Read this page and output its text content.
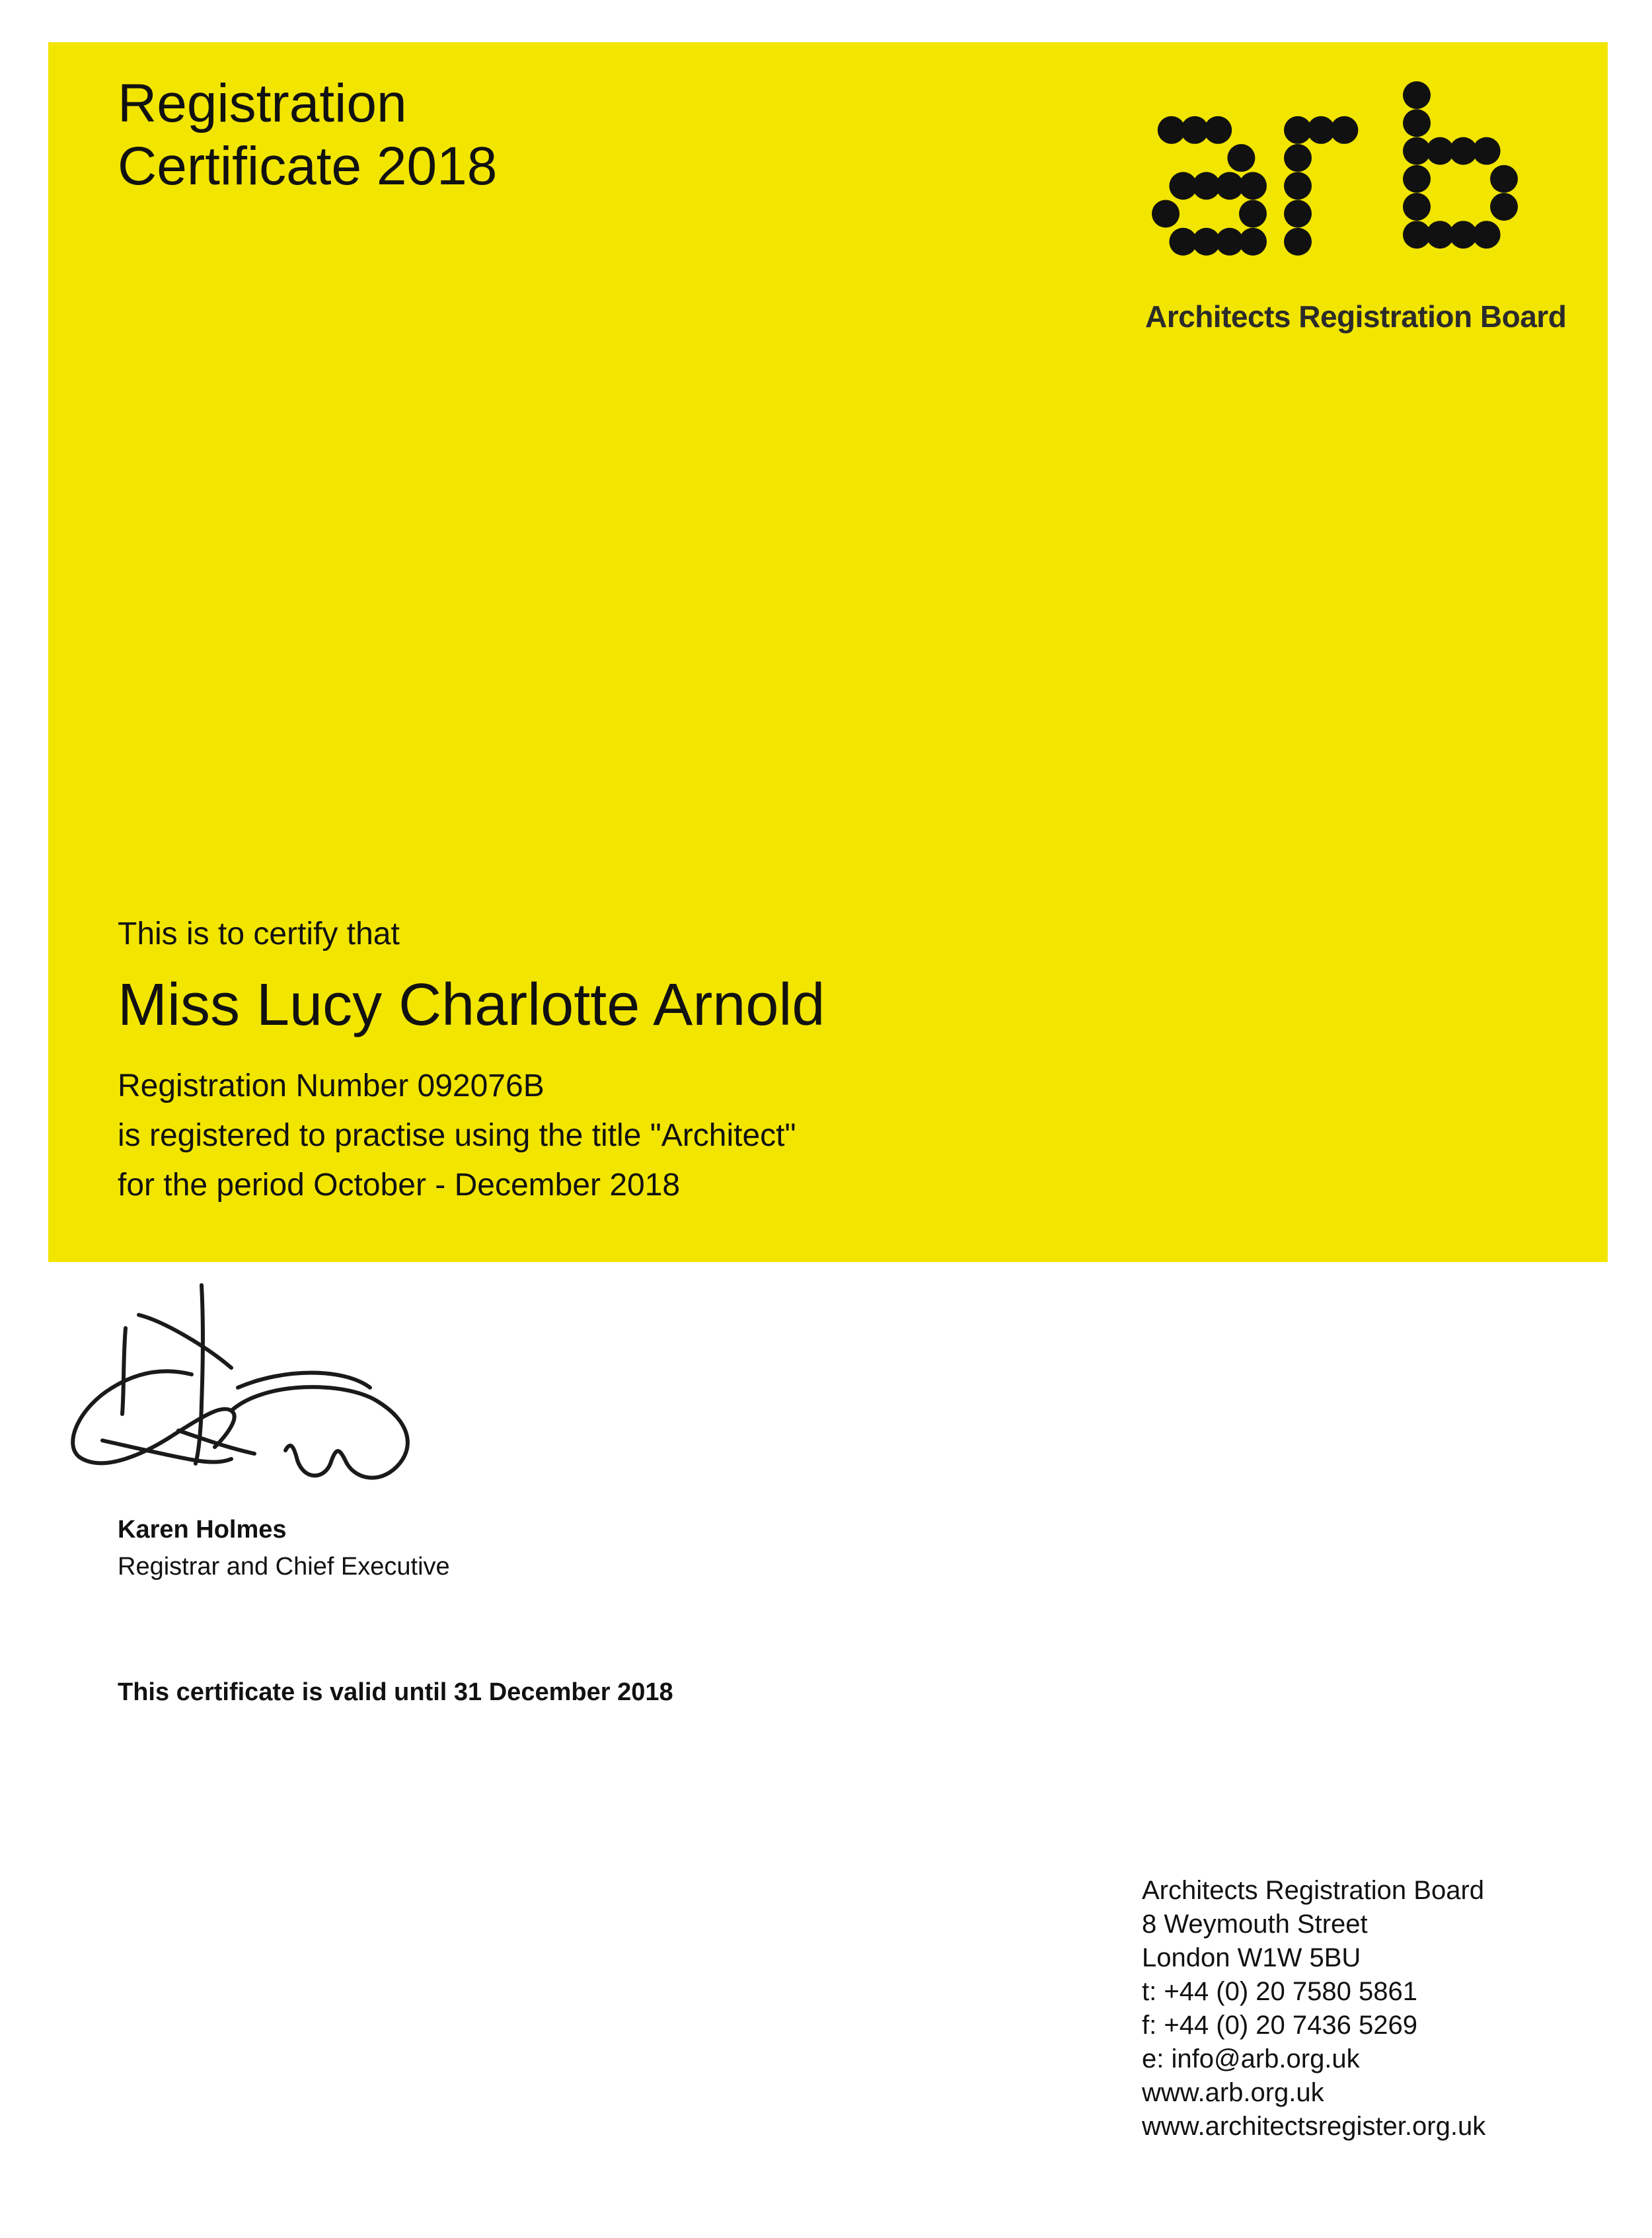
Registration
Certificate 2018
Architects Registration Board
This is to certify that
Miss Lucy Charlotte Arnold
Registration Number 092076B
is registered to practise using the title "Architect"
for the period October - December 2018
Karen Holmes
Registrar and Chief Executive
This certificate is valid until 31 December 2018
Architects Registration Board
8 Weymouth Street
London W1W 5BU
t: +44 (0) 20 7580 5861
f: +44 (0) 20 7436 5269
e: info@arb.org.uk
www.arb.org.uk
www.architectsregister.org.uk
